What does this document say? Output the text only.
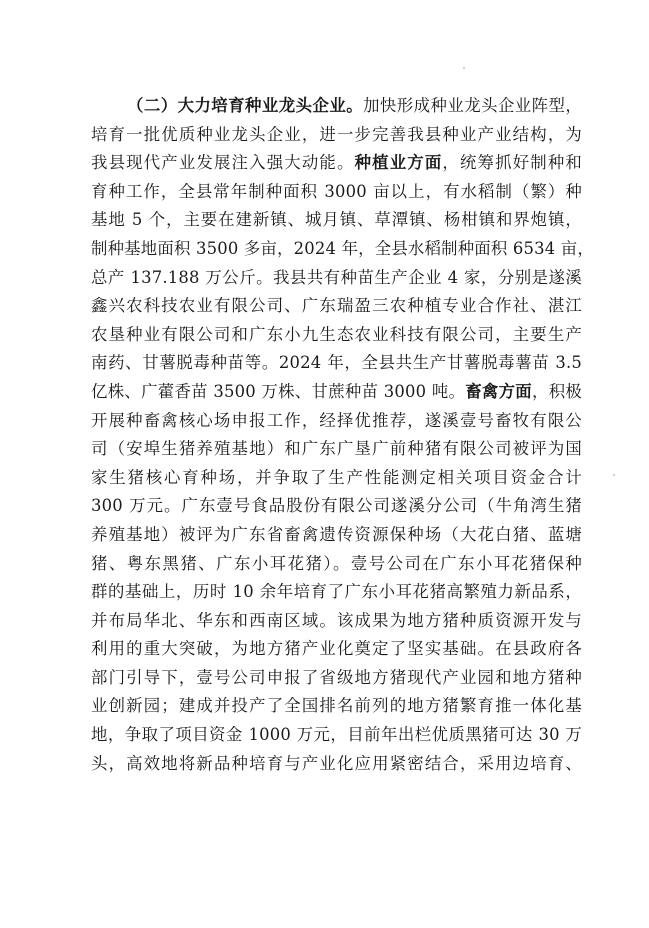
（二）大力培育种业龙头企业。加快形成种业龙头企业阵型，
培育一批优质种业龙头企业，进一步完善我县种业产业结构，为
我县现代产业发展注入强大动能。种植业方面，统筹抓好制种和
育种工作，全县常年制种面积 3000 亩以上，有水稻制（繁）种
基地 5 个，主要在建新镇、城月镇、草潭镇、杨柑镇和界炮镇，
制种基地面积 3500 多亩，2024 年，全县水稻制种面积 6534 亩，
总产 137.188 万公斤。我县共有种苗生产企业 4 家，分别是遂溪
鑫兴农科技农业有限公司、广东瑞盈三农种植专业合作社、湛江
农垦种业有限公司和广东小九生态农业科技有限公司，主要生产
南药、甘薯脱毒种苗等。2024 年，全县共生产甘薯脱毒薯苗 3.5
亿株、广藿香苗 3500 万株、甘蔗种苗 3000 吨。畜禽方面，积极
开展种畜禽核心场申报工作，经择优推荐，遂溪壹号畜牧有限公
司（安埠生猪养殖基地）和广东广垦广前种猪有限公司被评为国
家生猪核心育种场，并争取了生产性能测定相关项目资金合计
300 万元。广东壹号食品股份有限公司遂溪分公司（牛角湾生猪
养殖基地）被评为广东省畜禽遗传资源保种场（大花白猪、蓝塘
猪、粤东黑猪、广东小耳花猪）。壹号公司在广东小耳花猪保种
群的基础上，历时 10 余年培育了广东小耳花猪高繁殖力新品系，
并布局华北、华东和西南区域。该成果为地方猪种质资源开发与
利用的重大突破，为地方猪产业化奠定了坚实基础。在县政府各
部门引导下，壹号公司申报了省级地方猪现代产业园和地方猪种
业创新园；建成并投产了全国排名前列的地方猪繁育推一体化基
地，争取了项目资金 1000 万元，目前年出栏优质黑猪可达 30 万
头，高效地将新品种培育与产业化应用紧密结合，采用边培育、
